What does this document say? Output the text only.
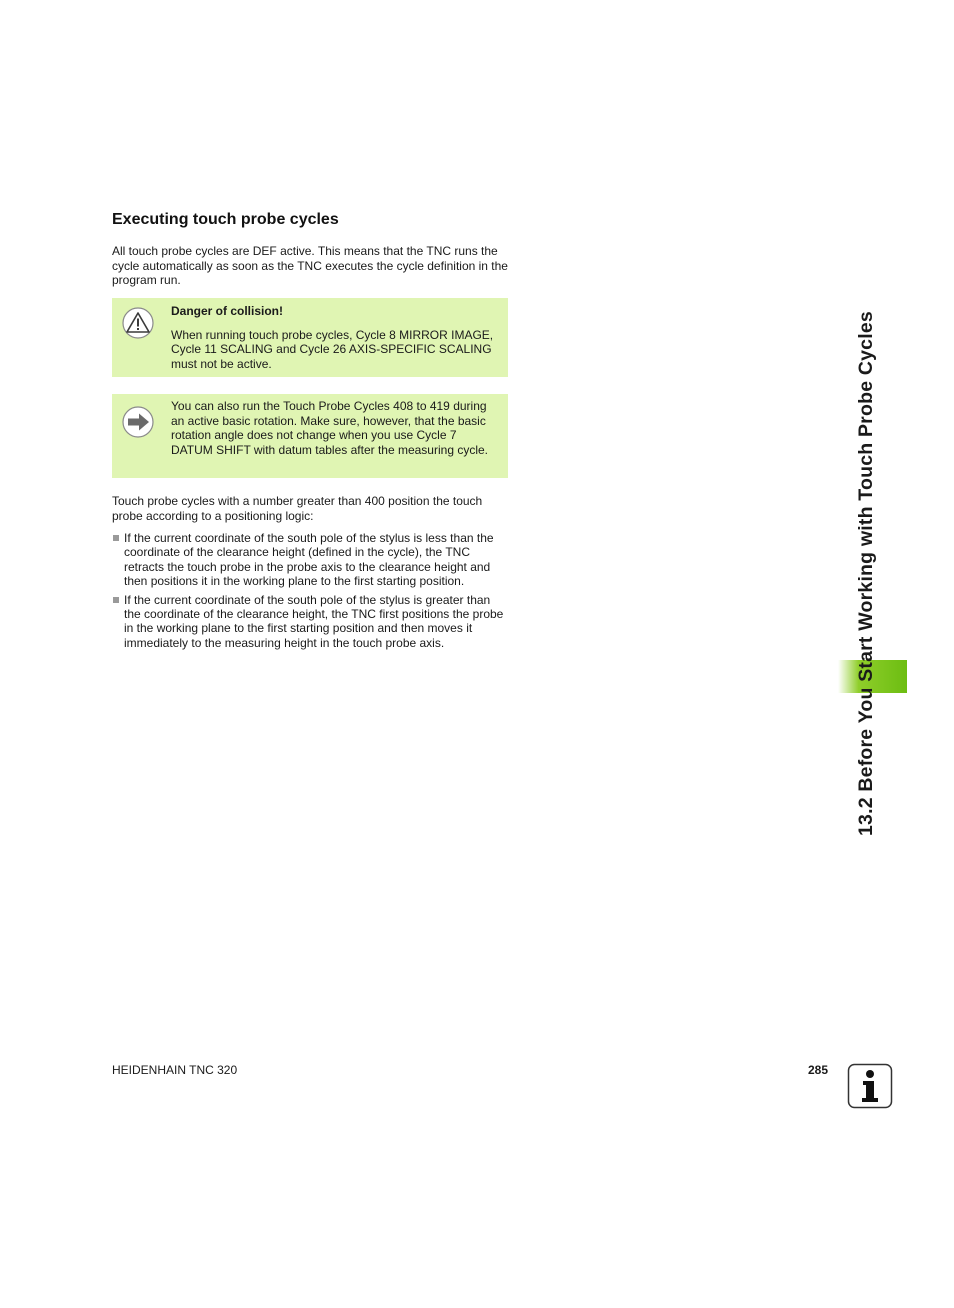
Executing touch probe cycles

All touch probe cycles are DEF active. This means that the TNC runs the cycle automatically as soon as the TNC executes the cycle definition in the program run.

Danger of collision!
When running touch probe cycles, Cycle 8 MIRROR IMAGE, Cycle 11 SCALING and Cycle 26 AXIS-SPECIFIC SCALING must not be active.
You can also run the Touch Probe Cycles 408 to 419 during an active basic rotation. Make sure, however, that the basic rotation angle does not change when you use Cycle 7 DATUM SHIFT with datum tables after the measuring cycle.

Touch probe cycles with a number greater than 400 position the touch probe according to a positioning logic:

If the current coordinate of the south pole of the stylus is less than the coordinate of the clearance height (defined in the cycle), the TNC retracts the touch probe in the probe axis to the clearance height and then positions it in the working plane to the first starting position.
If the current coordinate of the south pole of the stylus is greater than the coordinate of the clearance height, the TNC first positions the probe in the working plane to the first starting position and then moves it immediately to the measuring height in the touch probe axis.	13.2 Before You Start Working with Touch Probe Cycles
HEIDENHAIN TNC 320	285
